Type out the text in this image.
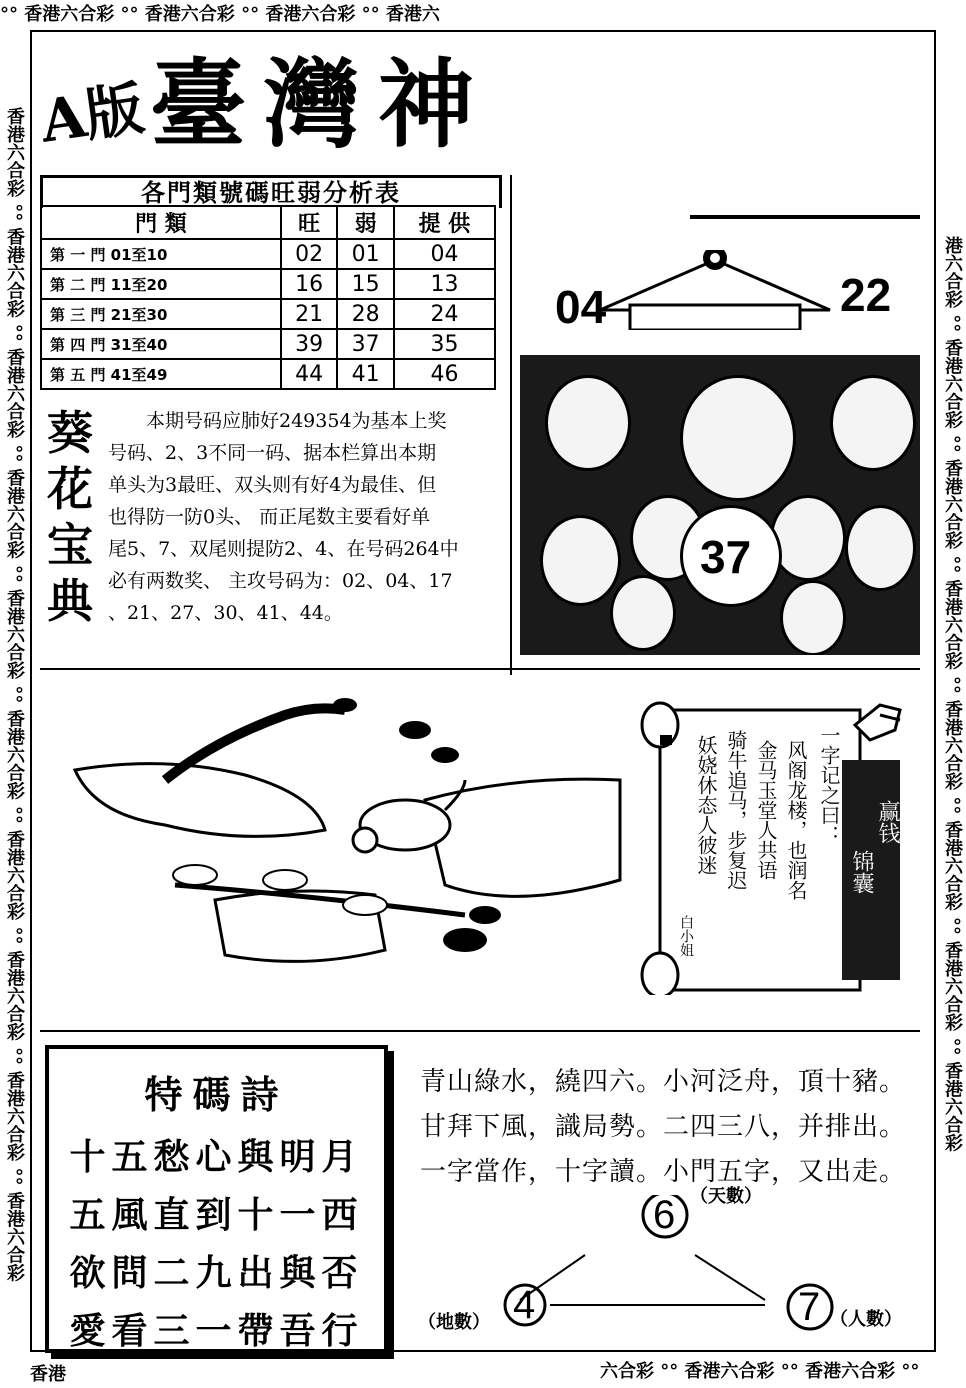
°° 香港六合彩 °° 香港六合彩 °° 香港六合彩 °° 香港六
香港六合彩 °° 香港六合彩 °° 香港六合彩 °° 香港六合彩 °° 香港六合彩 °° 香港六合彩 °° 香港六合彩 °° 香港六合彩 °° 香港六合彩 °° 香港六合彩	港六合彩 °° 香港六合彩 °° 香港六合彩 °° 香港六合彩 °° 香港六合彩 °° 香港六合彩 °° 香港六合彩 °° 香港六合彩
香港	六合彩 °° 香港六合彩 °° 香港六合彩 °°
A版 臺灣神
各門類號碼旺弱分析表
門 類	旺	弱	提 供
第 一 門 01至10	02	01	04
第 二 門 11至20	16	15	13
第 三 門 21至30	21	28	24
第 四 門 31至40	39	37	35
第 五 門 41至49	44	41	46
葵花宝典

本期号码应肺好249354为基本上奖

号码、2、3不同一码、据本栏算出本期

单头为3最旺、双头则有好4为最佳、但

也得防一防0头、 而正尾数主要看好单

尾5、7、双尾则提防2、4、在号码264中

必有两数奖、 主攻号码为：02、04、17

、21、27、30、41、44。

04	22
37
一字记之曰：
风阁龙楼，也润名
金马玉堂人共语
骑牛追马，步复迟
妖娆休态人彼迷
白小姐
赢钱
锦囊
特碼詩
十五愁心與明月
五風直到十一西
欲問二九出與否
愛看三一帶吾行

青山綠水，繞四六。小河泛舟，頂十豬。

甘拜下風，識局勢。二四三八，并排出。

一字當作，十字讀。小門五字，又出走。

6 （天數）
4
（地數）	7 （人數）
